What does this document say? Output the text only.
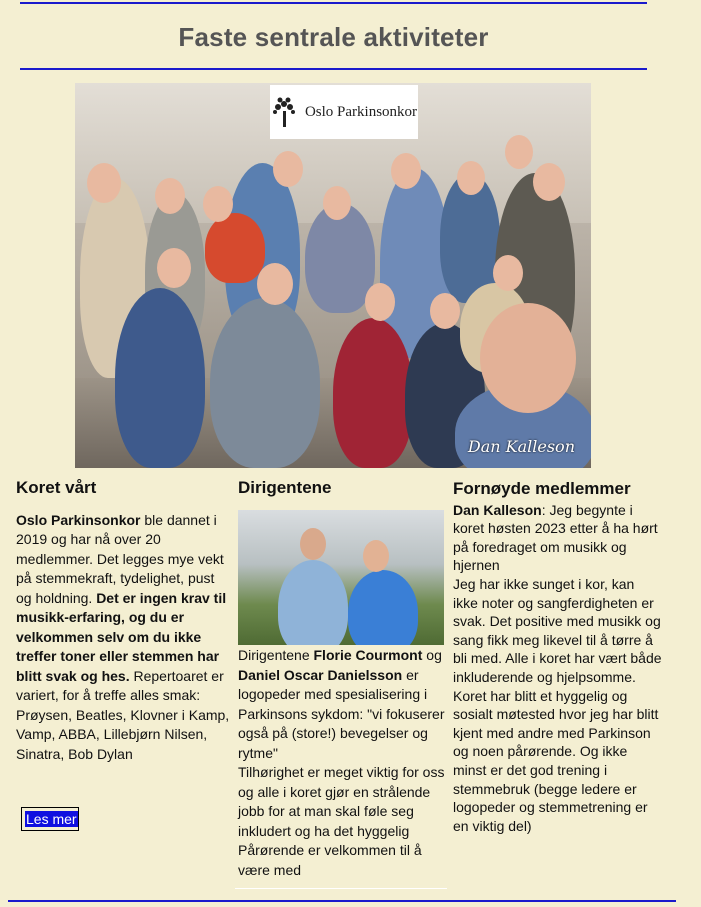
Faste sentrale aktiviteter
Oslo Parkinsonkor
Dan Kalleson
Koret vårt

Oslo Parkinsonkor ble dannet i 2019 og har nå over 20 medlemmer. Det legges mye vekt på stemmekraft, tydelighet, pust og holdning. Det er ingen krav til musikk-erfaring, og du er velkommen selv om du ikke treffer toner eller stemmen har blitt svak og hes. Repertoaret er variert, for å treffe alles smak: Prøysen, Beatles, Klovner i Kamp, Vamp, ABBA, Lillebjørn Nilsen, Sinatra, Bob Dylan

Les mer
Dirigentene

Dirigentene Florie Courmont og Daniel Oscar Danielsson er logopeder med spesialisering i Parkinsons sykdom: "vi fokuserer også på (store!) bevegelser og rytme"
Tilhørighet er meget viktig for oss og alle i koret gjør en strålende jobb for at man skal føle seg inkludert og ha det hyggelig Pårørende er velkommen til å være med

Fornøyde medlemmer

Dan Kalleson: Jeg begynte i koret høsten 2023 etter å ha hørt på foredraget om musikk og hjernen
Jeg har ikke sunget i kor, kan ikke noter og sangferdigheten er svak. Det positive med musikk og sang fikk meg likevel til å tørre å bli med. Alle i koret har vært både inkluderende og hjelpsomme. Koret har blitt et hyggelig og sosialt møtested hvor jeg har blitt kjent med andre med Parkinson og noen pårørende. Og ikke minst er det god trening i stemmebruk (begge ledere er logopeder og stemmetrening er en viktig del)
